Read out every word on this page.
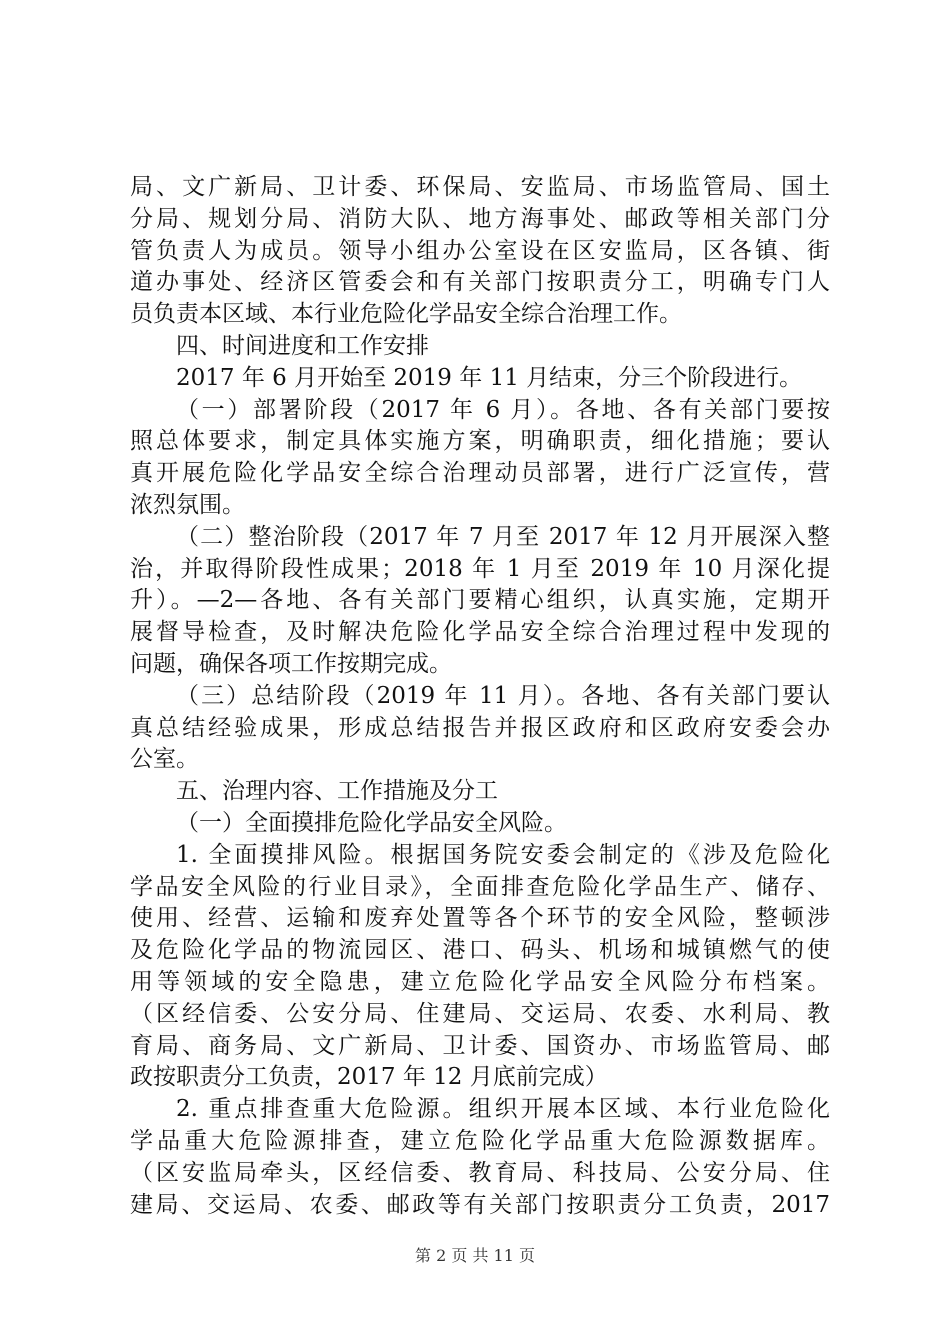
局、文广新局、卫计委、环保局、安监局、市场监管局、国土
分局、规划分局、消防大队、地方海事处、邮政等相关部门分
管负责人为成员。领导小组办公室设在区安监局，区各镇、街
道办事处、经济区管委会和有关部门按职责分工，明确专门人
员负责本区域、本行业危险化学品安全综合治理工作。
四、时间进度和工作安排
2017 年 6 月开始至 2019 年 11 月结束，分三个阶段进行。
（一）部署阶段（2017 年 6 月）。各地、各有关部门要按
照总体要求，制定具体实施方案，明确职责，细化措施；要认
真开展危险化学品安全综合治理动员部署，进行广泛宣传，营
浓烈氛围。
（二）整治阶段（2017 年 7 月至 2017 年 12 月开展深入整
治，并取得阶段性成果；2018 年 1 月至 2019 年 10 月深化提
升）。—2—各地、各有关部门要精心组织，认真实施，定期开
展督导检查，及时解决危险化学品安全综合治理过程中发现的
问题，确保各项工作按期完成。
（三）总结阶段（2019 年 11 月）。各地、各有关部门要认
真总结经验成果，形成总结报告并报区政府和区政府安委会办
公室。
五、治理内容、工作措施及分工
（一）全面摸排危险化学品安全风险。
1. 全面摸排风险。根据国务院安委会制定的《涉及危险化
学品安全风险的行业目录》，全面排查危险化学品生产、储存、
使用、经营、运输和废弃处置等各个环节的安全风险，整顿涉
及危险化学品的物流园区、港口、码头、机场和城镇燃气的使
用等领域的安全隐患，建立危险化学品安全风险分布档案。
（区经信委、公安分局、住建局、交运局、农委、水利局、教
育局、商务局、文广新局、卫计委、国资办、市场监管局、邮
政按职责分工负责，2017 年 12 月底前完成）
2. 重点排查重大危险源。组织开展本区域、本行业危险化
学品重大危险源排查，建立危险化学品重大危险源数据库。
（区安监局牵头，区经信委、教育局、科技局、公安分局、住
建局、交运局、农委、邮政等有关部门按职责分工负责，2017
第 2 页 共 11 页
